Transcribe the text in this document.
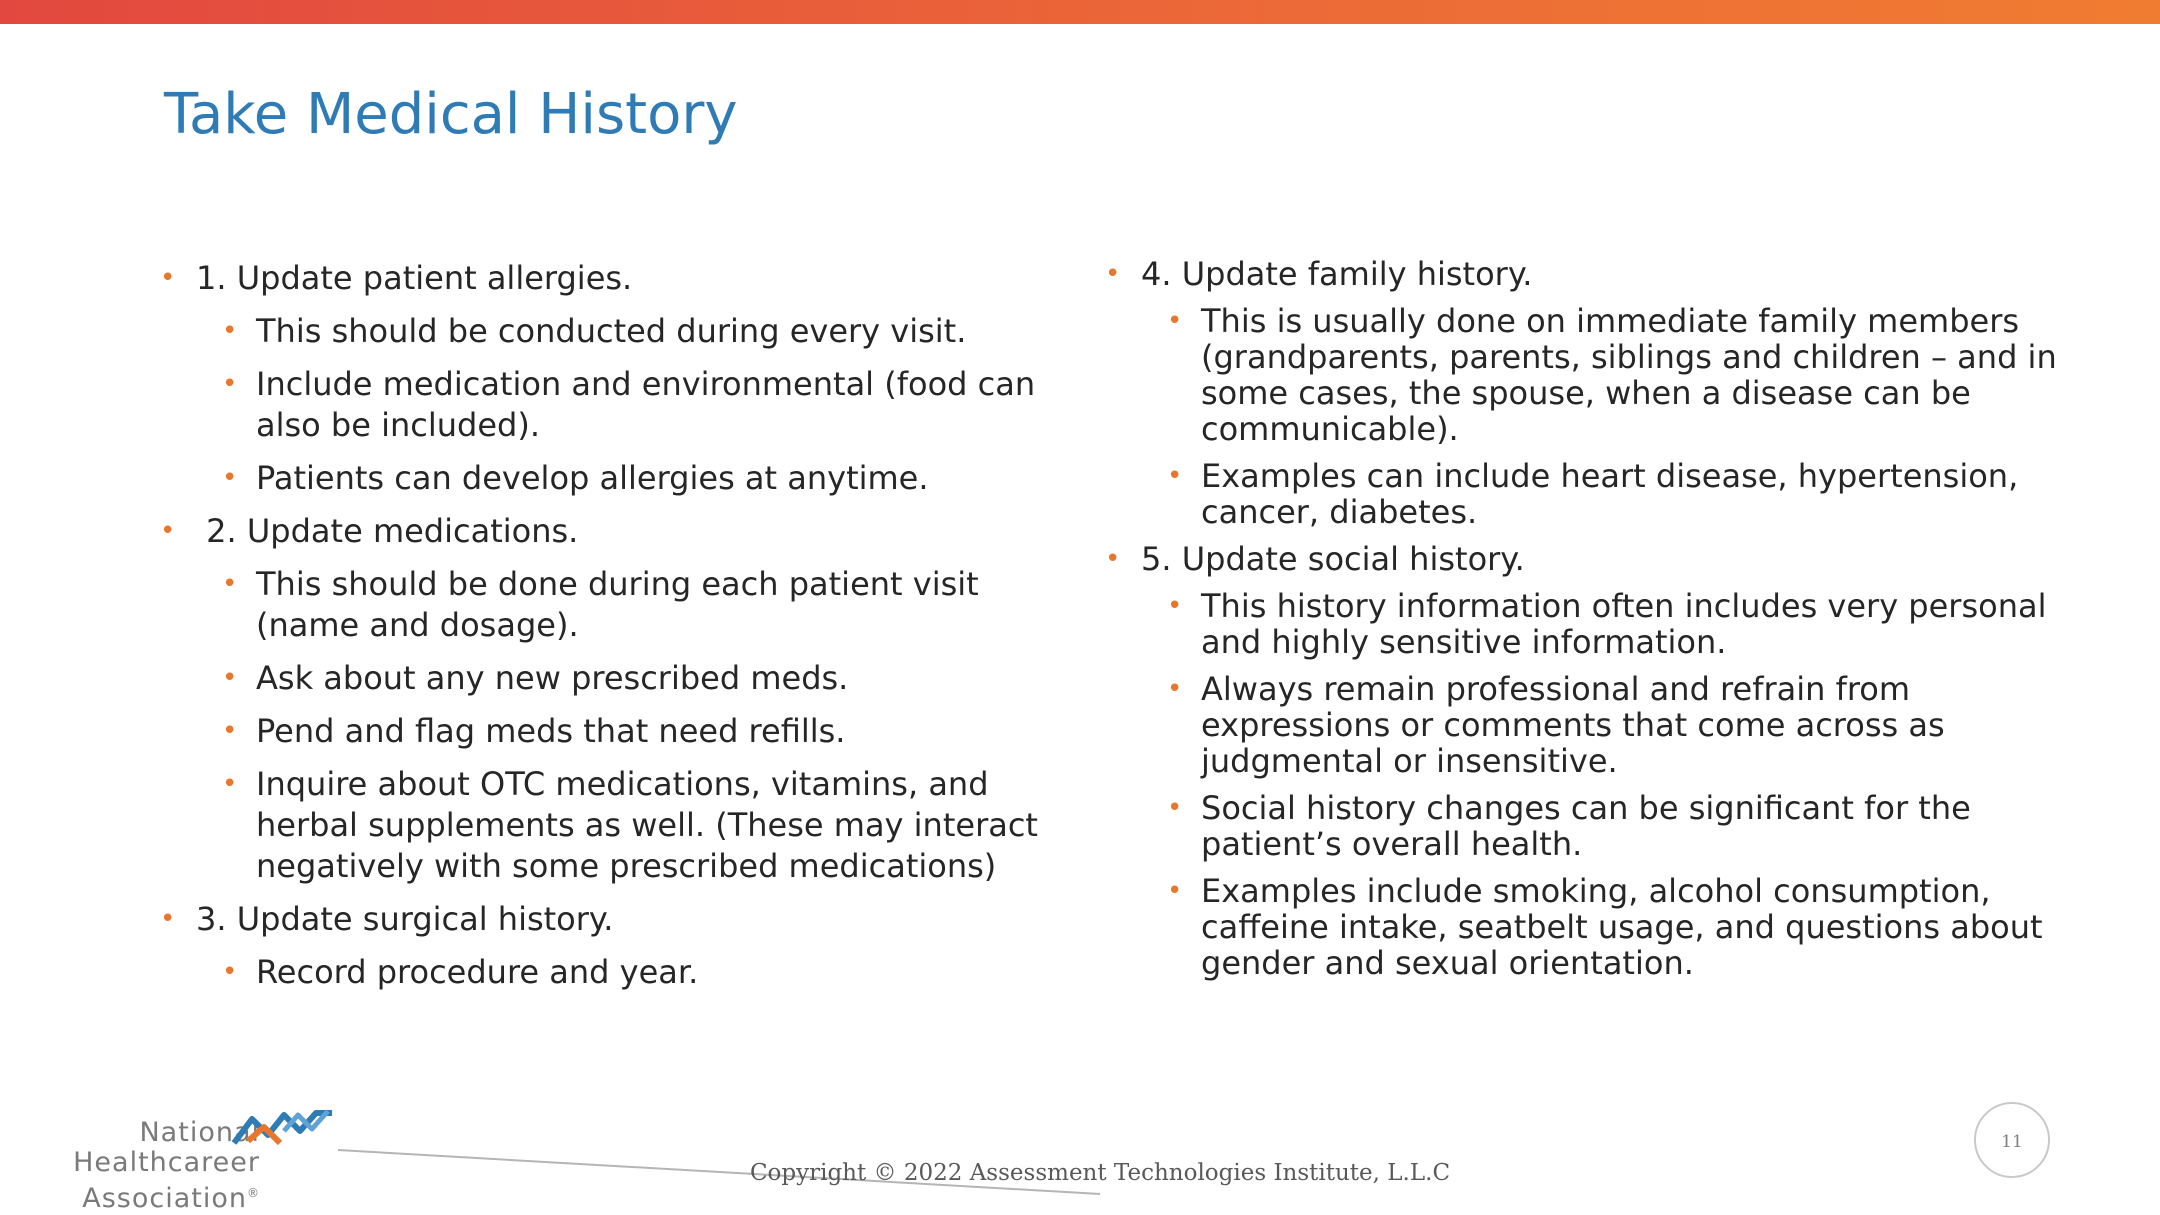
Take Medical History
• 1. Update patient allergies.
• This should be conducted during every visit.
• Include medication and environmental (food can also be included).
• Patients can develop allergies at anytime.
•  2. Update medications.
• This should be done during each patient visit (name and dosage).
• Ask about any new prescribed meds.
• Pend and flag meds that need refills.
• Inquire about OTC medications, vitamins, and herbal supplements as well. (These may interact negatively with some prescribed medications)
• 3. Update surgical history.
• Record procedure and year.
• 4. Update family history.
• This is usually done on immediate family members (grandparents, parents, siblings and children – and in some cases, the spouse, when a disease can be communicable).
• Examples can include heart disease, hypertension, cancer, diabetes.
• 5. Update social history.
• This history information often includes very personal and highly sensitive information.
• Always remain professional and refrain from expressions or comments that come across as judgmental or insensitive.
• Social history changes can be significant for the patient’s overall health.
• Examples include smoking, alcohol consumption, caffeine intake, seatbelt usage, and questions about gender and sexual orientation.
National
Healthcareer
Association®
Copyright © 2022 Assessment Technologies Institute, L.L.C
11
